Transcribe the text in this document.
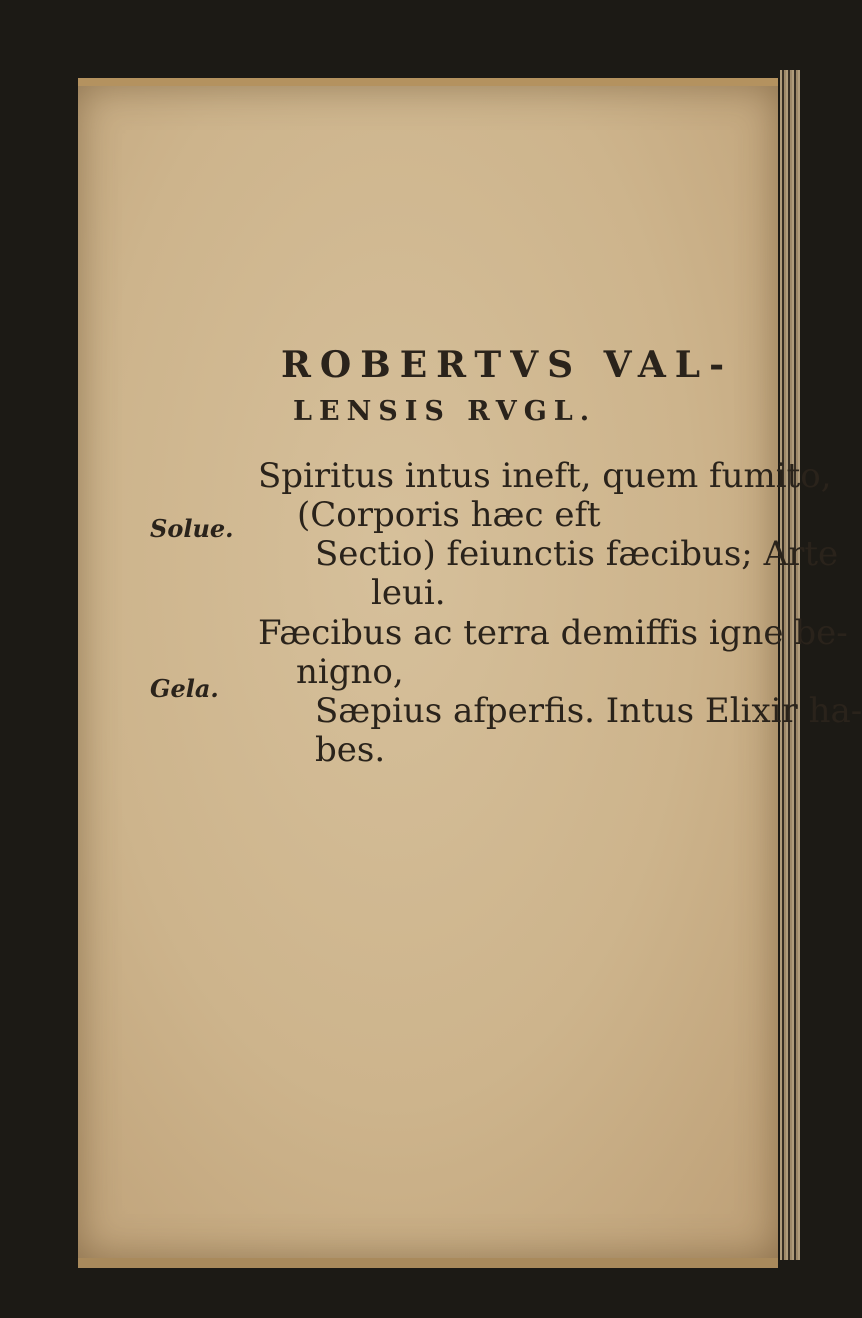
ROBERTVS VAL-
LENSIS RVGL.
Solue.
Gela.
Spiritus intus ineft, quem fumito,
(Corporis hæc eft
Sectio) feiunctis fæcibus; Arte
leui.
Fæcibus ac terra demiffis igne be-
nigno,
Sæpius afperfis. Intus Elixir ha-
bes.
